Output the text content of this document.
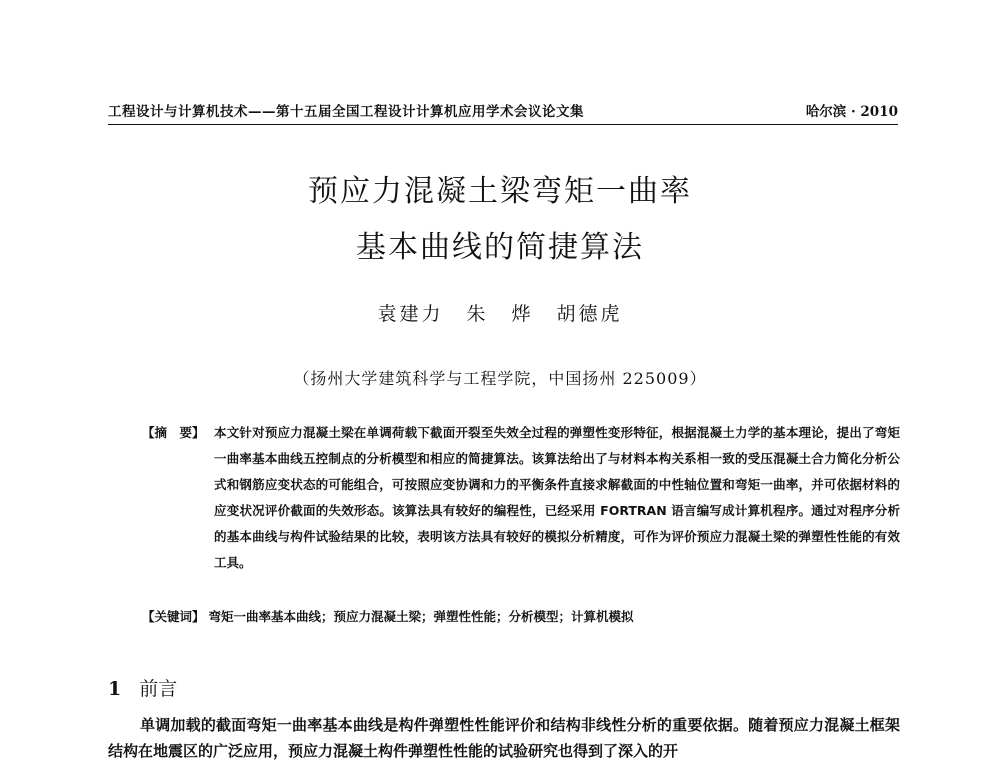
工程设计与计算机技术——第十五届全国工程设计计算机应用学术会议论文集	哈尔滨 · 2010
预应力混凝土梁弯矩一曲率
基本曲线的简捷算法
袁建力 朱 烨 胡德虎
（扬州大学建筑科学与工程学院，中国扬州 225009）
【摘　要】 本文针对预应力混凝土梁在单调荷载下截面开裂至失效全过程的弹塑性变形特征，根据混凝土力学的基本理论，提出了弯矩一曲率基本曲线五控制点的分析模型和相应的简捷算法。该算法给出了与材料本构关系相一致的受压混凝土合力简化分析公式和钢筋应变状态的可能组合，可按照应变协调和力的平衡条件直接求解截面的中性轴位置和弯矩一曲率，并可依据材料的应变状况评价截面的失效形态。该算法具有较好的编程性，已经采用 FORTRAN 语言编写成计算机程序。通过对程序分析的基本曲线与构件试验结果的比较，表明该方法具有较好的模拟分析精度，可作为评价预应力混凝土梁的弹塑性性能的有效工具。
【关键词】 弯矩一曲率基本曲线；预应力混凝土梁；弹塑性性能；分析模型；计算机模拟
1 前言
单调加载的截面弯矩一曲率基本曲线是构件弹塑性性能评价和结构非线性分析的重要依据。随着预应力混凝土框架结构在地震区的广泛应用，预应力混凝土构件弹塑性性能的试验研究也得到了深入的开
